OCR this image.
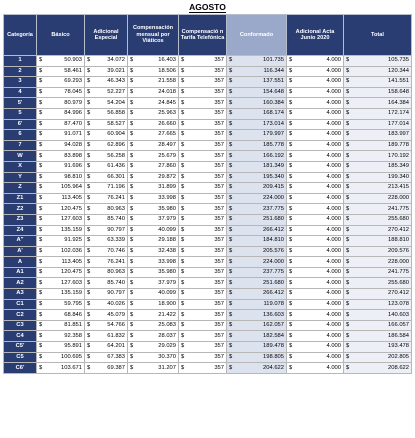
AGOSTO
Categoría	Básico	Adicional Especial	Compensación mensual por Viáticos	Compensació n Tarifa Telefónica	Conformado	Adicional Acta Junio 2020	Total
1	$ 50.903	$ 34.072	$ 16.403	$ 357	$ 101.735	$ 4.000	$ 105.735

2	$ 58.461	$ 39.021	$ 18.506	$ 357	$ 116.344	$ 4.000	$ 120.344

3	$ 69.293	$ 46.343	$ 21.558	$ 357	$ 137.551	$ 4.000	$ 141.551

4	$ 78.045	$ 52.227	$ 24.018	$ 357	$ 154.648	$ 4.000	$ 158.648

5'	$ 80.979	$ 54.204	$ 24.845	$ 357	$ 160.384	$ 4.000	$ 164.384

5	$ 84.996	$ 56.858	$ 25.963	$ 357	$ 168.174	$ 4.000	$ 172.174

6'	$ 87.470	$ 58.527	$ 26.660	$ 357	$ 173.014	$ 4.000	$ 177.014

6	$ 91.071	$ 60.904	$ 27.665	$ 357	$ 179.997	$ 4.000	$ 183.997

7	$ 94.028	$ 62.896	$ 28.497	$ 357	$ 185.778	$ 4.000	$ 189.778

W	$ 83.898	$ 56.258	$ 25.679	$ 357	$ 166.192	$ 4.000	$ 170.192

X	$ 91.696	$ 61.436	$ 27.860	$ 357	$ 181.349	$ 4.000	$ 185.349

Y	$ 98.810	$ 66.301	$ 29.872	$ 357	$ 195.340	$ 4.000	$ 199.340

Z	$ 105.964	$ 71.196	$ 31.899	$ 357	$ 209.415	$ 4.000	$ 213.415

Z1	$ 113.405	$ 76.241	$ 33.998	$ 357	$ 224.000	$ 4.000	$ 228.000

Z2	$ 120.475	$ 80.963	$ 35.980	$ 357	$ 237.775	$ 4.000	$ 241.775

Z3	$ 127.603	$ 85.740	$ 37.979	$ 357	$ 251.680	$ 4.000	$ 255.680

Z4	$ 135.159	$ 90.797	$ 40.099	$ 357	$ 266.412	$ 4.000	$ 270.412

A"	$ 91.925	$ 63.339	$ 29.188	$ 357	$ 184.810	$ 4.000	$ 188.810

A'	$ 102.036	$ 70.746	$ 32.438	$ 357	$ 205.576	$ 4.000	$ 209.576

A	$ 113.405	$ 76.241	$ 33.998	$ 357	$ 224.000	$ 4.000	$ 228.000

A1	$ 120.475	$ 80.963	$ 35.980	$ 357	$ 237.775	$ 4.000	$ 241.775

A2	$ 127.603	$ 85.740	$ 37.979	$ 357	$ 251.680	$ 4.000	$ 255.680

A3	$ 135.159	$ 90.797	$ 40.099	$ 357	$ 266.412	$ 4.000	$ 270.412

C1	$ 59.795	$ 40.026	$ 18.900	$ 357	$ 119.078	$ 4.000	$ 123.078

C2	$ 68.846	$ 45.079	$ 21.422	$ 357	$ 136.603	$ 4.000	$ 140.603

C3	$ 81.851	$ 54.766	$ 25.083	$ 357	$ 162.057	$ 4.000	$ 166.057

C4	$ 92.358	$ 61.832	$ 28.037	$ 357	$ 182.584	$ 4.000	$ 186.584

C5'	$ 95.891	$ 64.201	$ 29.029	$ 357	$ 189.478	$ 4.000	$ 193.478

C5	$ 100.695	$ 67.383	$ 30.370	$ 357	$ 198.805	$ 4.000	$ 202.805

C6'	$ 103.671	$ 69.387	$ 31.207	$ 357	$ 204.622	$ 4.000	$ 208.622
